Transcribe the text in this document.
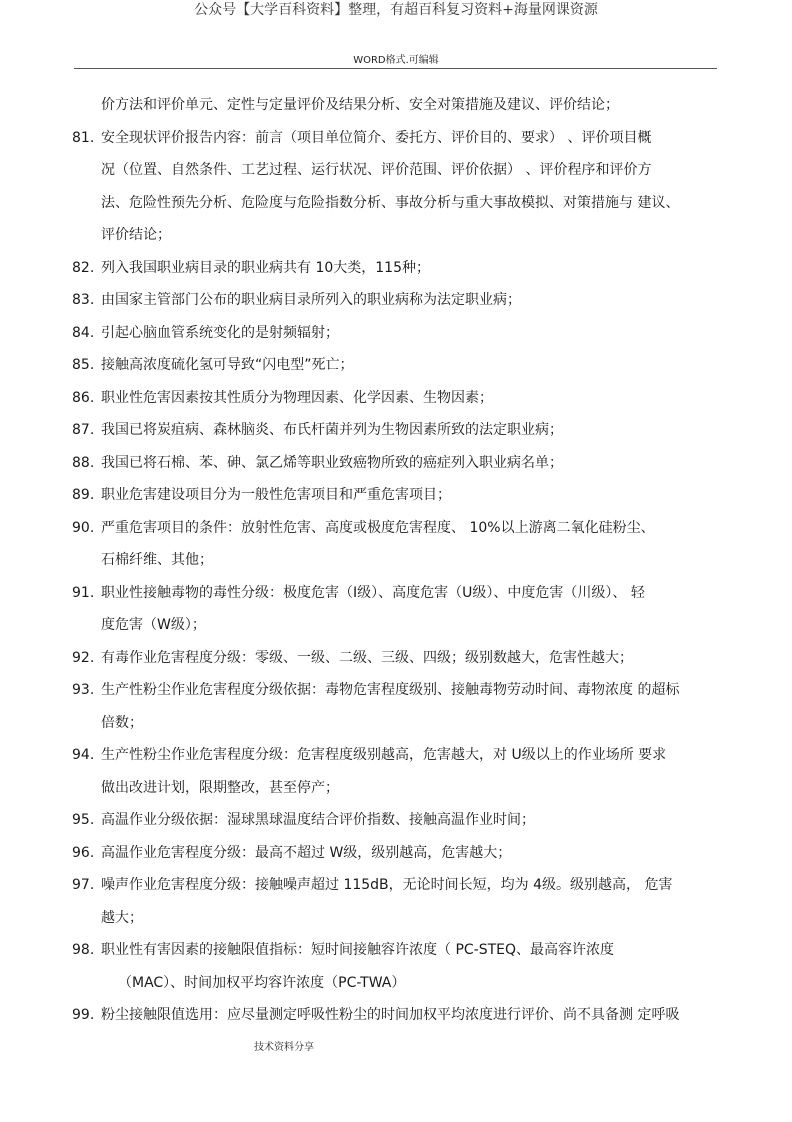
公众号【大学百科资料】整理，有超百科复习资料+海量网课资源
WORD格式.可编辑
价方法和评价单元、定性与定量评价及结果分析、安全对策措施及建议、评价结论；
81. 安全现状评价报告内容：前言（项目单位简介、委托方、评价目的、要求） 、评价项目概
况（位置、自然条件、工艺过程、运行状况、评价范围、评价依据） 、评价程序和评价方
法、危险性预先分析、危险度与危险指数分析、事故分析与重大事故模拟、对策措施与 建议、
评价结论；
82. 列入我国职业病目录的职业病共有 10大类，115种；
83. 由国家主管部门公布的职业病目录所列入的职业病称为法定职业病；
84. 引起心脑血管系统变化的是射频辐射；
85. 接触高浓度硫化氢可导致“闪电型”死亡；
86. 职业性危害因素按其性质分为物理因素、化学因素、生物因素；
87. 我国已将炭疽病、森林脑炎、布氏杆菌并列为生物因素所致的法定职业病；
88. 我国已将石棉、苯、砷、氯乙烯等职业致癌物所致的癌症列入职业病名单；
89. 职业危害建设项目分为一般性危害项目和严重危害项目；
90. 严重危害项目的条件：放射性危害、高度或极度危害程度、 10%以上游离二氧化硅粉尘、
石棉纤维、其他；
91. 职业性接触毒物的毒性分级：极度危害（I级）、高度危害（U级）、中度危害（川级）、 轻
度危害（W级）；
92. 有毒作业危害程度分级：零级、一级、二级、三级、四级；级别数越大，危害性越大；
93. 生产性粉尘作业危害程度分级依据：毒物危害程度级别、接触毒物劳动时间、毒物浓度 的超标
倍数；
94. 生产性粉尘作业危害程度分级：危害程度级别越高，危害越大，对 U级以上的作业场所 要求
做出改进计划，限期整改，甚至停产；
95. 高温作业分级依据：湿球黑球温度结合评价指数、接触高温作业时间；
96. 高温作业危害程度分级：最高不超过 W级，级别越高，危害越大；
97. 噪声作业危害程度分级：接触噪声超过 115dB，无论时间长短，均为 4级。级别越高， 危害
越大；
98. 职业性有害因素的接触限值指标：短时间接触容许浓度（ PC-STEQ、最高容许浓度
（MAC）、时间加权平均容许浓度（PC-TWA）
99. 粉尘接触限值选用：应尽量测定呼吸性粉尘的时间加权平均浓度进行评价、尚不具备测 定呼吸
技术资料分享
